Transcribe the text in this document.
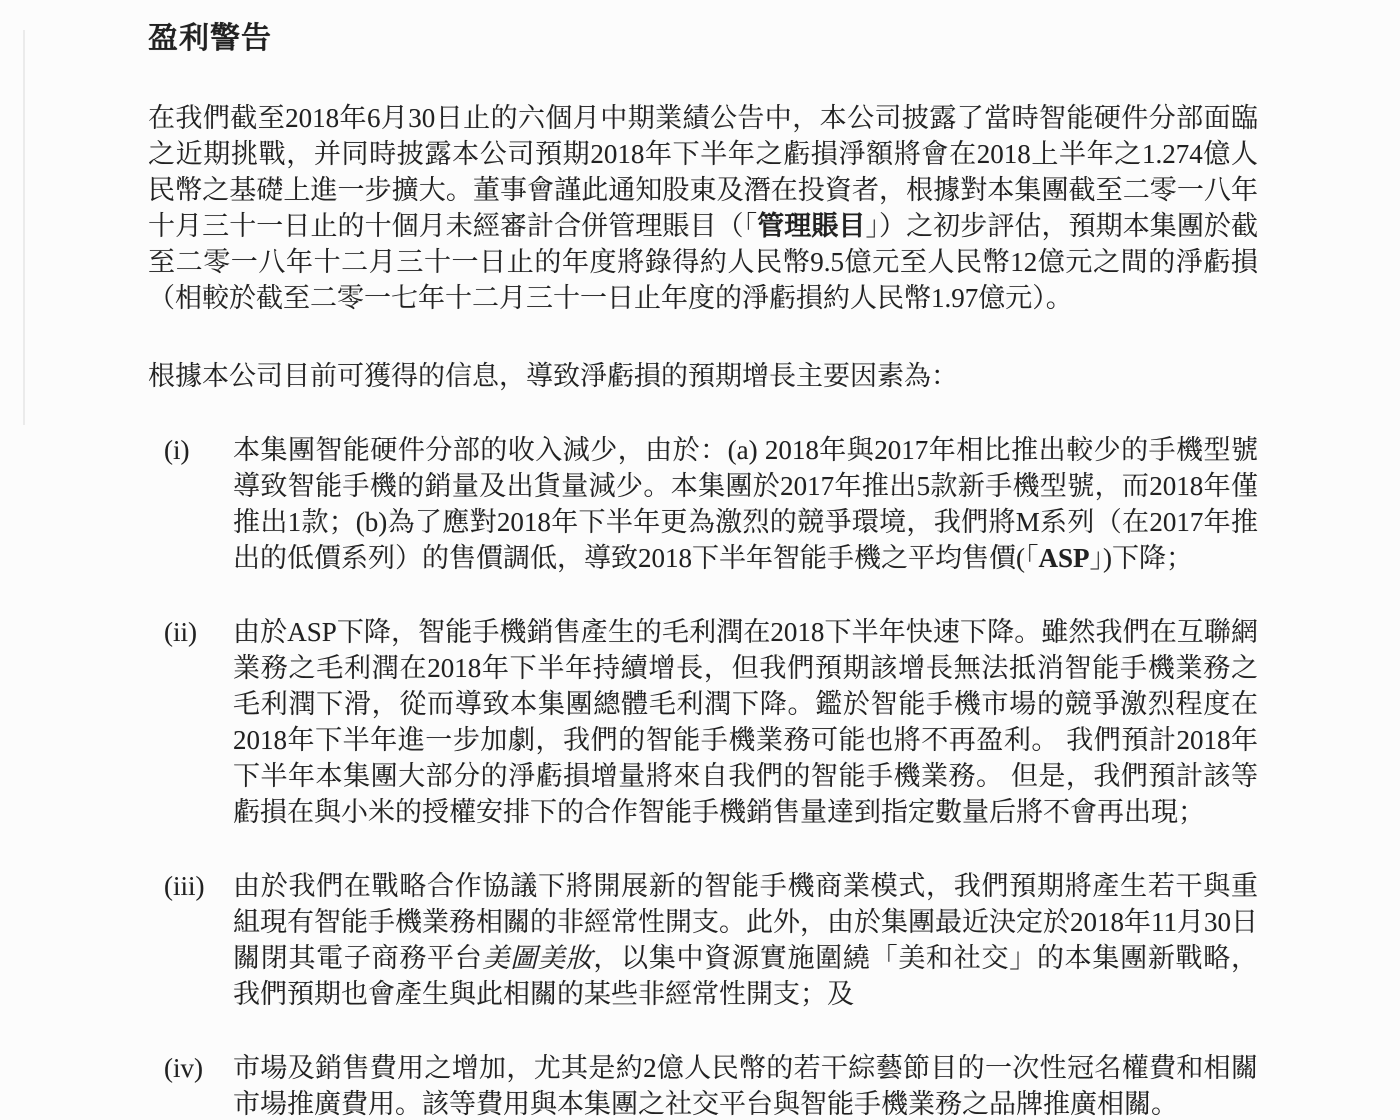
盈利警告

在我們截至2018年6月30日止的六個月中期業績公告中，本公司披露了當時智能硬件分部面臨之近期挑戰，并同時披露本公司預期2018年下半年之虧損淨額將會在2018上半年之1.274億人民幣之基礎上進一步擴大。董事會謹此通知股東及潛在投資者，根據對本集團截至二零一八年十月三十一日止的十個月未經審計合併管理賬目（「管理賬目」）之初步評估，預期本集團於截至二零一八年十二月三十一日止的年度將錄得約人民幣9.5億元至人民幣12億元之間的淨虧損（相較於截至二零一七年十二月三十一日止年度的淨虧損約人民幣1.97億元）。

根據本公司目前可獲得的信息，導致淨虧損的預期增長主要因素為：

(i)	本集團智能硬件分部的收入減少，由於：(a) 2018年與2017年相比推出較少的手機型號導致智能手機的銷量及出貨量減少。本集團於2017年推出5款新手機型號，而2018年僅推出1款；(b)為了應對2018年下半年更為激烈的競爭環境，我們將M系列（在2017年推出的低價系列）的售價調低，導致2018下半年智能手機之平均售價(「ASP」)下降；
(ii)	由於ASP下降，智能手機銷售產生的毛利潤在2018下半年快速下降。雖然我們在互聯網業務之毛利潤在2018年下半年持續增長，但我們預期該增長無法抵消智能手機業務之毛利潤下滑，從而導致本集團總體毛利潤下降。鑑於智能手機市場的競爭激烈程度在2018年下半年進一步加劇，我們的智能手機業務可能也將不再盈利。 我們預計2018年下半年本集團大部分的淨虧損增量將來自我們的智能手機業務。 但是，我們預計該等虧損在與小米的授權安排下的合作智能手機銷售量達到指定數量后將不會再出現；
(iii)	由於我們在戰略合作協議下將開展新的智能手機商業模式，我們預期將產生若干與重組現有智能手機業務相關的非經常性開支。此外，由於集團最近決定於2018年11月30日關閉其電子商務平台美圖美妝，以集中資源實施圍繞「美和社交」的本集團新戰略，我們預期也會產生與此相關的某些非經常性開支；及
(iv)	市場及銷售費用之增加，尤其是約2億人民幣的若干綜藝節目的一次性冠名權費和相關市場推廣費用。該等費用與本集團之社交平台與智能手機業務之品牌推廣相關。
